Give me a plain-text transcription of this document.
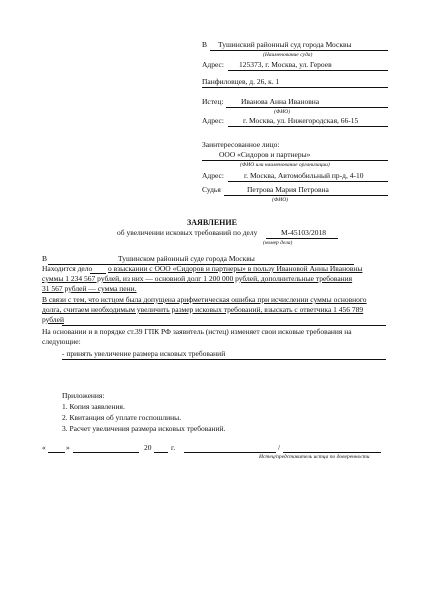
В Тушинский районный суд города Москвы
(Наименование суда)
Адрес: 125373, г. Москва, ул. Героев
Панфиловцев, д. 26, к. 1
Истец: Иванова Анна Ивановна
(ФИО)
Адрес:	г. Москва, ул. Нижегородская, 66-15
Заинтересованное лицо:
ООО «Сидоров и партнеры»
(ФИО или наименование организации)
Адрес:	г. Москва, Автомобильный пр-д, 4-10
Судья	Петрова Мария Петровна
(ФИО)
ЗАЯВЛЕНИЕ
об увеличении исковых требований по делу	М-45103/2018
(номер дела)
В	Тушинском районный суде города Москвы
Находится дело о взыскании с ООО «Сидоров и партнеры» в пользу Ивановой Анны Ивановны
суммы 1 234 567 рублей, из них — основной долг 1 200 000 рублей, дополнительные требования
31 567 рублей — сумма пени.
В связи с тем, что истцом была допущена арифметическая ошибка при исчислении суммы основного
долга, считаем необходимым увеличить размер исковых требований, взыскать с ответчика 1 456 789
рублей
На основании и в порядке ст.39 ГПК РФ заявитель (истец) изменяет свои исковые требования на
следующие:
- принять увеличение размера исковых требований
Приложения:
1. Копия заявления.
2. Квитанция об уплате госпошлины.
3. Расчет увеличения размера исковых требований.
«	»	20	г.	/
Истец/представитель истца по доверенности
